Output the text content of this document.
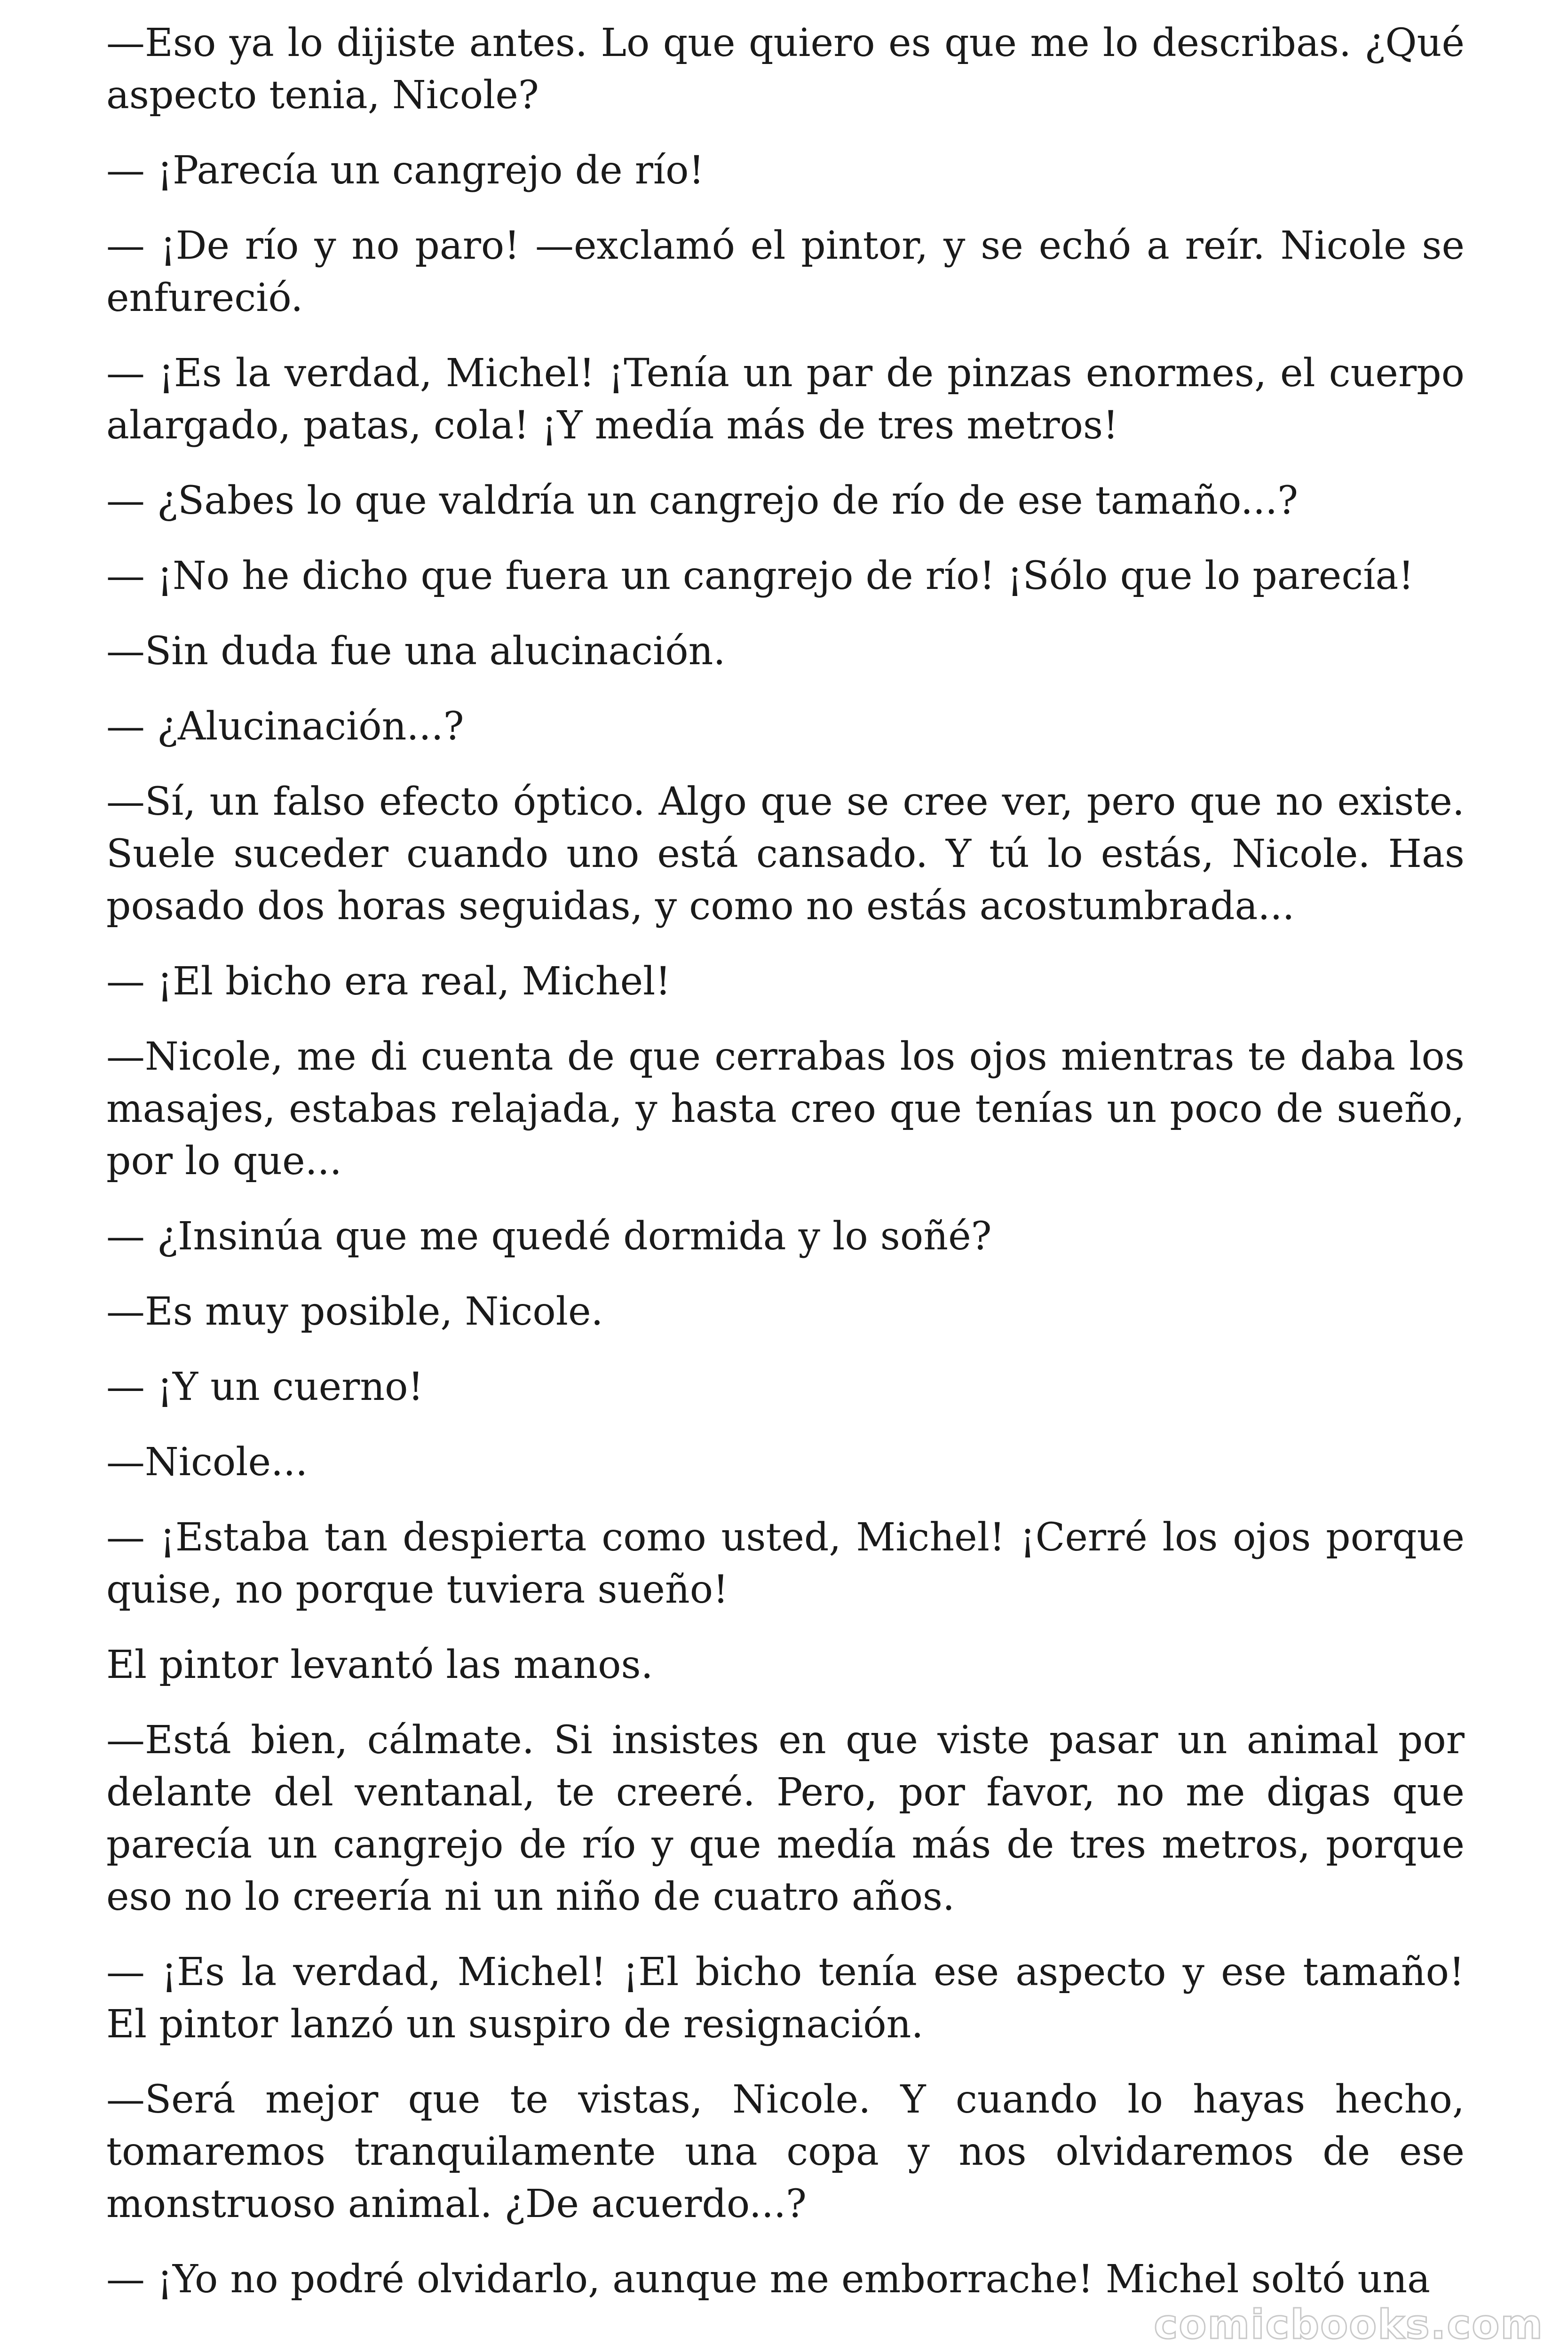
—Eso ya lo dijiste antes. Lo que quiero es que me lo describas. ¿Qué aspecto tenia, Nicole?

— ¡Parecía un cangrejo de río!

— ¡De río y no paro! —exclamó el pintor, y se echó a reír. Nicole se enfureció.

— ¡Es la verdad, Michel! ¡Tenía un par de pinzas enormes, el cuerpo alargado, patas, cola! ¡Y medía más de tres metros!

— ¿Sabes lo que valdría un cangrejo de río de ese tamaño...?

— ¡No he dicho que fuera un cangrejo de río! ¡Sólo que lo parecía!

—Sin duda fue una alucinación.

— ¿Alucinación...?

—Sí, un falso efecto óptico. Algo que se cree ver, pero que no existe. Suele suceder cuando uno está cansado. Y tú lo estás, Nicole. Has posado dos horas seguidas, y como no estás acostumbrada...

— ¡El bicho era real, Michel!

—Nicole, me di cuenta de que cerrabas los ojos mientras te daba los masajes, estabas relajada, y hasta creo que tenías un poco de sueño, por lo que...

— ¿Insinúa que me quedé dormida y lo soñé?

—Es muy posible, Nicole.

— ¡Y un cuerno!

—Nicole...

— ¡Estaba tan despierta como usted, Michel! ¡Cerré los ojos porque quise, no porque tuviera sueño!

El pintor levantó las manos.

—Está bien, cálmate. Si insistes en que viste pasar un animal por delante del ventanal, te creeré. Pero, por favor, no me digas que parecía un cangrejo de río y que medía más de tres metros, porque eso no lo creería ni un niño de cuatro años.

— ¡Es la verdad, Michel! ¡El bicho tenía ese aspecto y ese tamaño! El pintor lanzó un suspiro de resignación.

—Será mejor que te vistas, Nicole. Y cuando lo hayas hecho, tomaremos tranquilamente una copa y nos olvidaremos de ese monstruoso animal. ¿De acuerdo...?

— ¡Yo no podré olvidarlo, aunque me emborrache! Michel soltó una

comicbooks.com
